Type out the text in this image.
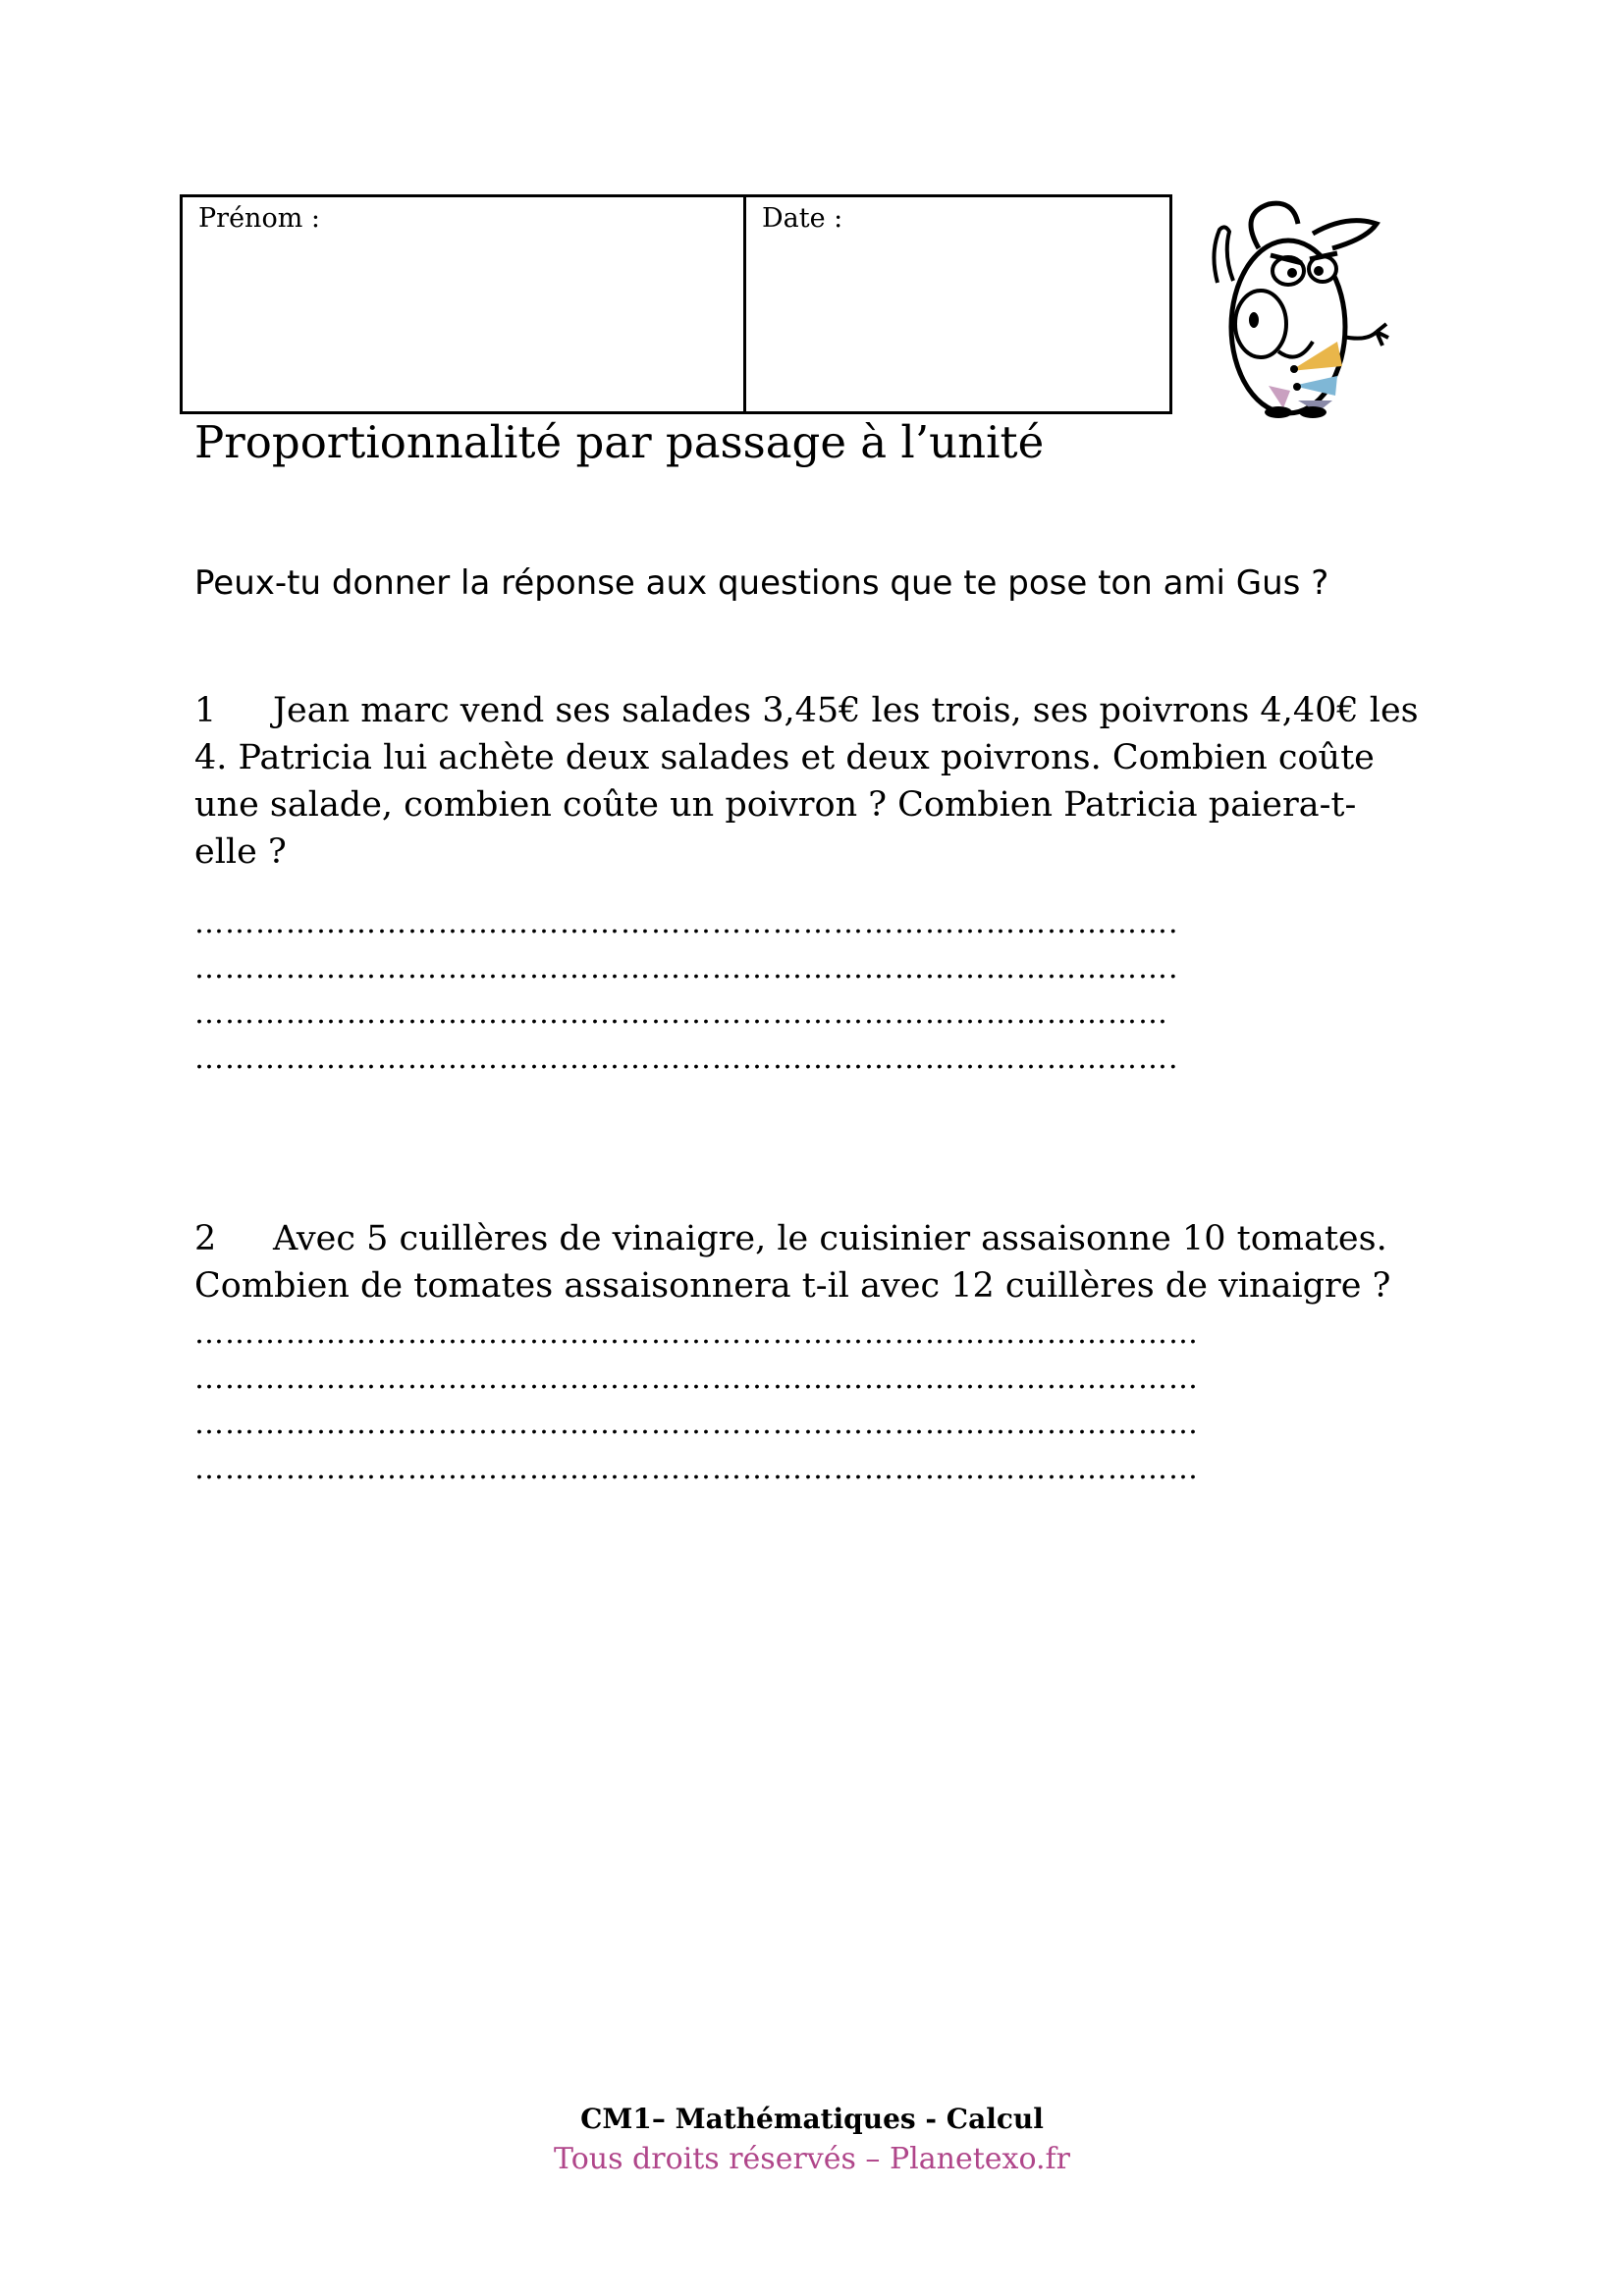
Prénom :	Date :
Proportionnalité par passage à l’unité
Peux-tu donner la réponse aux questions que te pose ton ami Gus ?
1 Jean marc vend ses salades 3,45€ les trois, ses poivrons 4,40€ les
4. Patricia lui achète deux salades et deux poivrons. Combien coûte
une salade, combien coûte un poivron ? Combien Patricia paiera-t-
elle ?
…………………………………………………………………………………….
…………………………………………………………………………………….
……………………………………………………………………………………
…………………………………………………………………………………….
2 Avec 5 cuillères de vinaigre, le cuisinier assaisonne 10 tomates.
Combien de tomates assaisonnera t-il avec 12 cuillères de vinaigre ?
………………………………………………………………………………………
………………………………………………………………………………………
………………………………………………………………………………………
………………………………………………………………………………………
CM1– Mathématiques - Calcul
Tous droits réservés – Planetexo.fr
